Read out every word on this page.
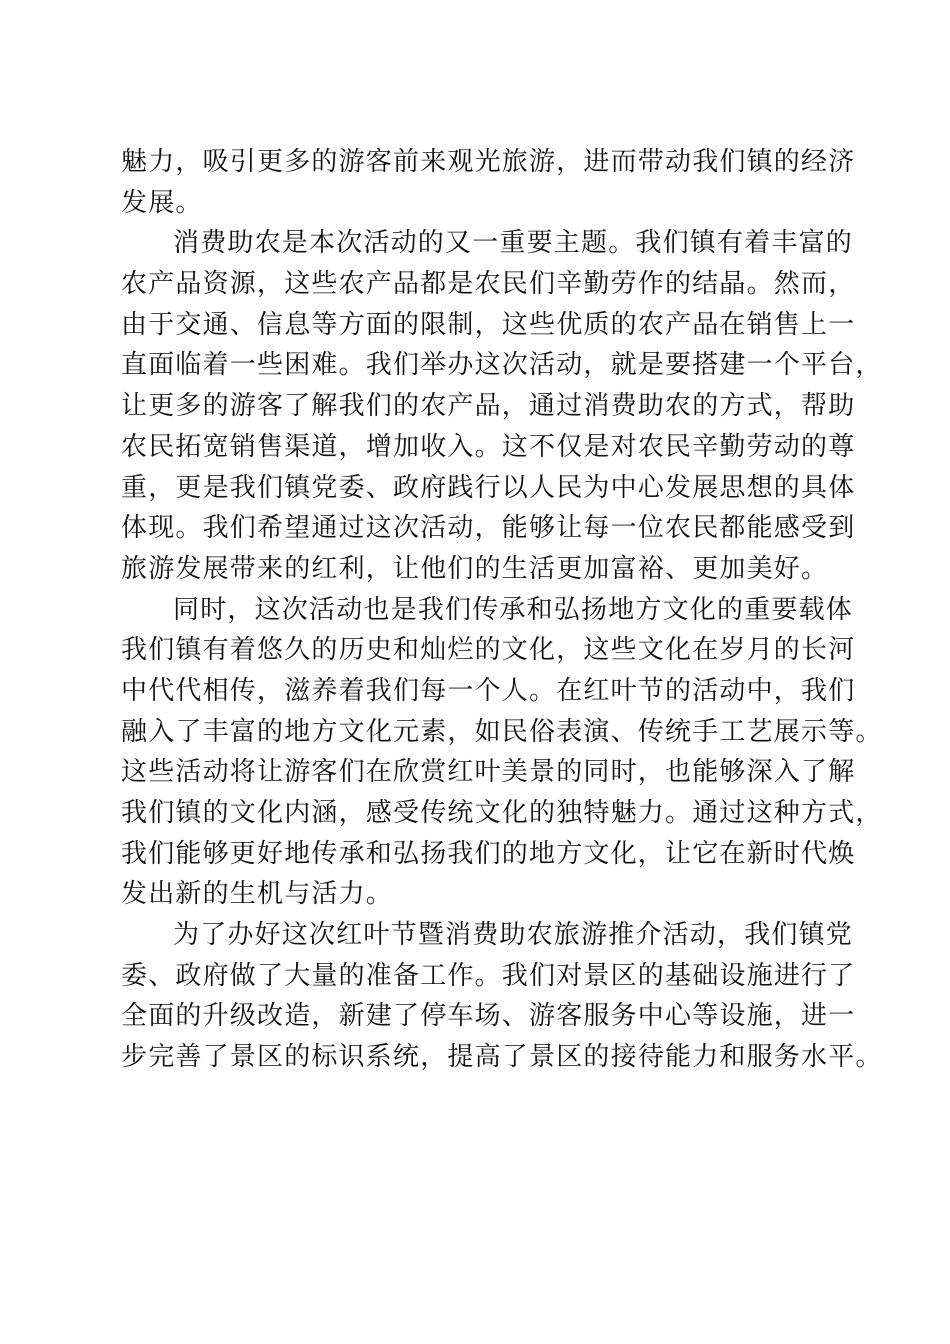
魅力，吸引更多的游客前来观光旅游，进而带动我们镇的经济
发展。
消费助农是本次活动的又一重要主题。我们镇有着丰富的
农产品资源，这些农产品都是农民们辛勤劳作的结晶。然而，
由于交通、信息等方面的限制，这些优质的农产品在销售上一
直面临着一些困难。我们举办这次活动，就是要搭建一个平台，
让更多的游客了解我们的农产品，通过消费助农的方式，帮助
农民拓宽销售渠道，增加收入。这不仅是对农民辛勤劳动的尊
重，更是我们镇党委、政府践行以人民为中心发展思想的具体
体现。我们希望通过这次活动，能够让每一位农民都能感受到
旅游发展带来的红利，让他们的生活更加富裕、更加美好。
同时，这次活动也是我们传承和弘扬地方文化的重要载体
我们镇有着悠久的历史和灿烂的文化，这些文化在岁月的长河
中代代相传，滋养着我们每一个人。在红叶节的活动中，我们
融入了丰富的地方文化元素，如民俗表演、传统手工艺展示等。
这些活动将让游客们在欣赏红叶美景的同时，也能够深入了解
我们镇的文化内涵，感受传统文化的独特魅力。通过这种方式，
我们能够更好地传承和弘扬我们的地方文化，让它在新时代焕
发出新的生机与活力。
为了办好这次红叶节暨消费助农旅游推介活动，我们镇党
委、政府做了大量的准备工作。我们对景区的基础设施进行了
全面的升级改造，新建了停车场、游客服务中心等设施，进一
步完善了景区的标识系统，提高了景区的接待能力和服务水平。
